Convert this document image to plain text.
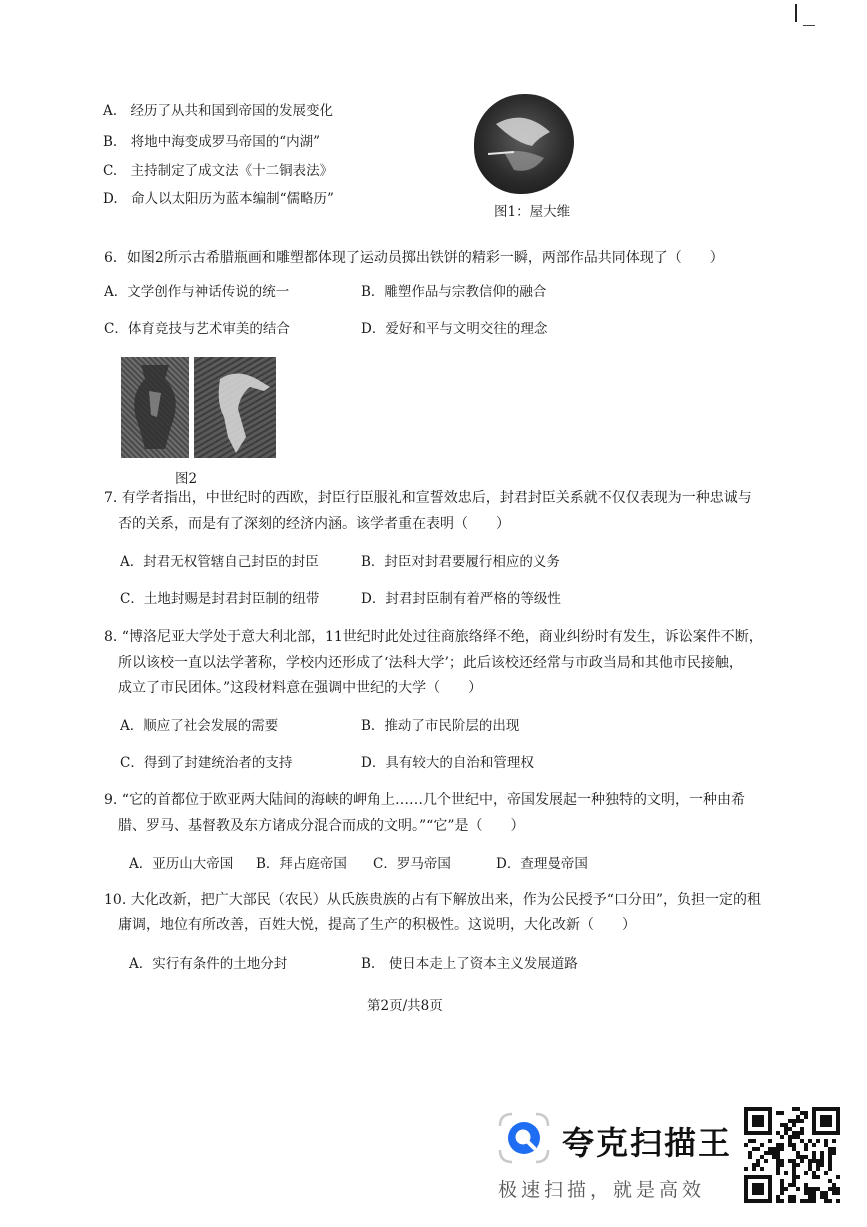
A.　经历了从共和国到帝国的发展变化
B.　将地中海变成罗马帝国的“内湖”
C.　主持制定了成文法《十二铜表法》
D.　命人以太阳历为蓝本编制“儒略历”
图1：屋大维
6．如图2所示古希腊瓶画和雕塑都体现了运动员掷出铁饼的精彩一瞬，两部作品共同体现了（　　）
A．文学创作与神话传说的统一	B．雕塑作品与宗教信仰的融合
C．体育竞技与艺术审美的结合	D．爱好和平与文明交往的理念
图2
7. 有学者指出，中世纪时的西欧，封臣行臣服礼和宣誓效忠后，封君封臣关系就不仅仅表现为一种忠诚与
否的关系，而是有了深刻的经济内涵。该学者重在表明（　　）
A．封君无权管辖自己封臣的封臣	B．封臣对封君要履行相应的义务
C．土地封赐是封君封臣制的纽带	D．封君封臣制有着严格的等级性
8. “博洛尼亚大学处于意大利北部，11世纪时此处过往商旅络绎不绝，商业纠纷时有发生，诉讼案件不断，
所以该校一直以法学著称，学校内还形成了‘法科大学’；此后该校还经常与市政当局和其他市民接触，
成立了市民团体。”这段材料意在强调中世纪的大学（　　）
A．顺应了社会发展的需要	B．推动了市民阶层的出现
C．得到了封建统治者的支持	D．具有较大的自治和管理权
9. “它的首都位于欧亚两大陆间的海峡的岬角上……几个世纪中，帝国发展起一种独特的文明，一种由希
腊、罗马、基督教及东方诸成分混合而成的文明。”“它”是（　　）
A．亚历山大帝国 B．拜占庭帝国 C．罗马帝国	D．查理曼帝国
10. 大化改新，把广大部民（农民）从氏族贵族的占有下解放出来，作为公民授予“口分田”，负担一定的租
庸调，地位有所改善，百姓大悦，提高了生产的积极性。这说明，大化改新（　　）
A．实行有条件的土地分封	B.　使日本走上了资本主义发展道路
第2页/共8页
夸克扫描王
极速扫描，就是高效
